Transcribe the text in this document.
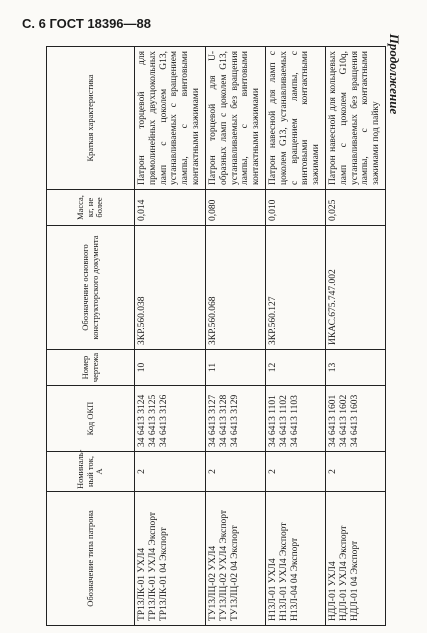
С. 6 ГОСТ 18396—88
Продолжение
Обозначение типа патрона	Номиналь-ный ток, А	Код ОКП	Номер чертежа	Обозначение основного конструкторского документа	Масса, кг, не более	Краткая характеристика

ТР13ЛК-01 УХЛ4 ТР13ЛК-01 УХЛ4 Экспорт ТР13ЛК-01 04 Экспорт	2	34 6413 3124 34 6413 3125 34 6413 3126	10	ЗКР.560.038	0,014	Патрон торцевой для прямолинейных двухцокольных ламп с цоколем G13, устанавливаемых с вращением лампы, с винтовыми контактными зажимами

ТУ13ЛЦ-02 УХЛ4 ТУ13ЛЦ-02 УХЛ4 Экспорт ТУ13ЛЦ-02 04 Экспорт	2	34 6413 3127 34 6413 3128 34 6413 3129	11	ЗКР.560.068	0,080	Патрон торцевой для U-образных ламп с цоколем G13, устанавливаемых без вращения лампы, с винтовыми контактными зажимами

Н13Л-01 УХЛ4 Н13Л-01 УХЛ4 Экспорт Н13Л-04 04 Экспорт	2	34 6413 1101 34 6413 1102 34 6413 1103	12	ЗКР.560.127	0,010	Патрон навесной для ламп с цоколем G13, устанавливаемых с вращением лампы, с винтовыми контактными зажимами

НДЛ-01 УХЛ4 НДЛ-01 УХЛ4 Экспорт НДЛ-01 04 Экспорт	2	34 6413 1601 34 6413 1602 34 6413 1603	13	ИКАС.675.747.002	0,025	Патрон навесной для кольцевых ламп с цоколем G10q, устанавливаемых без вращения лампы, с контактными зажимами под пайку
